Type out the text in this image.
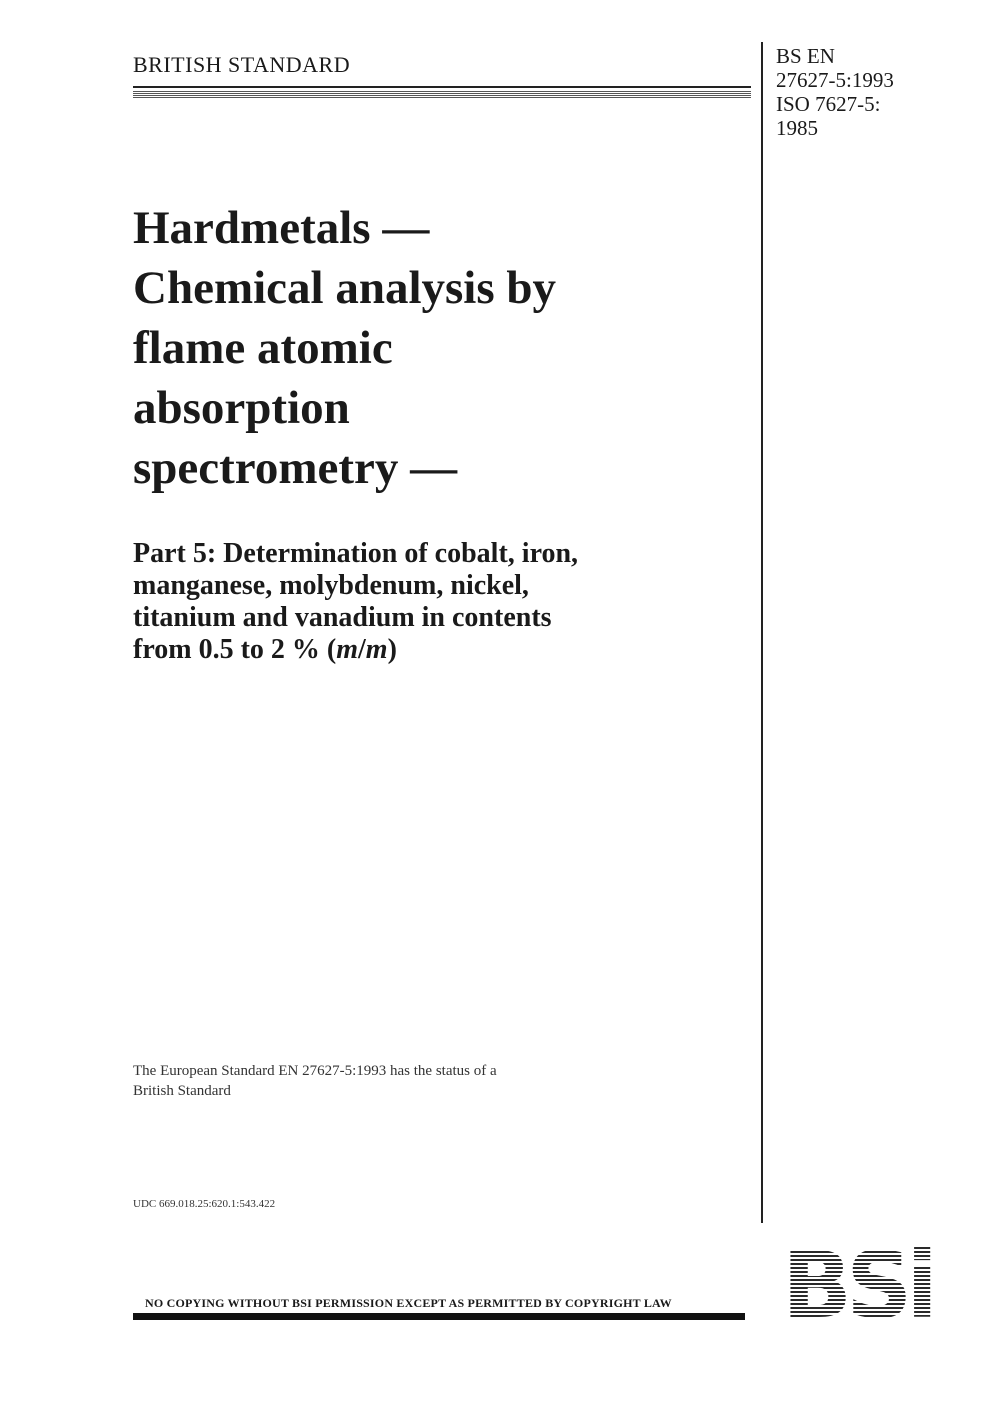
BRITISH STANDARD	BS EN
27627-5:1993
ISO 7627-5:
1985
Hardmetals —
Chemical analysis by
flame atomic
absorption
spectrometry —
Part 5: Determination of cobalt, iron,
manganese, molybdenum, nickel,
titanium and vanadium in contents
from 0.5 to 2 % (m/m)
The European Standard EN 27627-5:1993 has the status of a
British Standard
UDC 669.018.25:620.1:543.422
NO COPYING WITHOUT BSI PERMISSION EXCEPT AS PERMITTED BY COPYRIGHT LAW BSi
